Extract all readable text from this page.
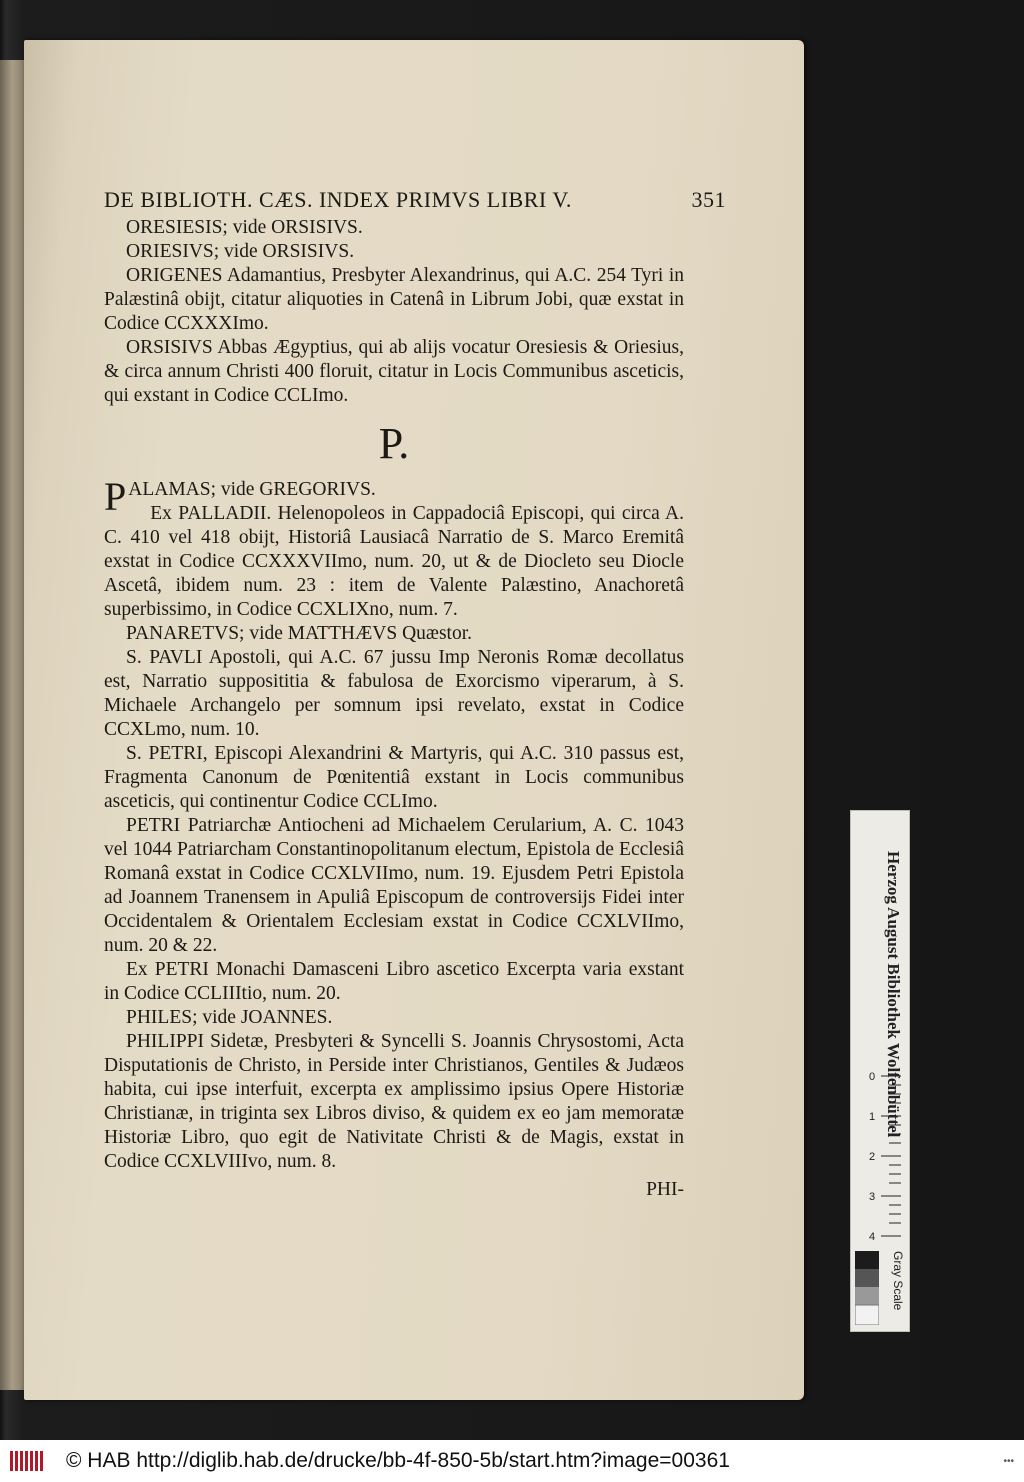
DE BIBLIOTH. CÆS. INDEX PRIMVS LIBRI V.	351

ORESIESIS; vide ORSISIVS.

ORIESIVS; vide ORSISIVS.

ORIGENES Adamantius, Presbyter Alexandrinus, qui A.C. 254 Tyri in Palæstinâ obijt, citatur aliquoties in Catenâ in Librum Jobi, quæ exstat in Codice CCXXXImo.

ORSISIVS Abbas Ægyptius, qui ab alijs vocatur Oresiesis & Oriesius, & circa annum Christi 400 floruit, citatur in Locis Communibus asceticis, qui exstant in Codice CCLImo.

P.

PALAMAS; vide GREGORIVS.

Ex PALLADII. Helenopoleos in Cappadociâ Episcopi, qui circa A. C. 410 vel 418 obijt, Historiâ Lausiacâ Narratio de S. Marco Eremitâ exstat in Codice CCXXXVIImo, num. 20, ut & de Diocleto seu Diocle Ascetâ, ibidem num. 23 : item de Valente Palæstino, Anachoretâ superbissimo, in Codice CCXLIXno, num. 7.

PANARETVS; vide MATTHÆVS Quæstor.

S. PAVLI Apostoli, qui A.C. 67 jussu Imp Neronis Romæ decollatus est, Narratio supposititia & fabulosa de Exorcismo viperarum, à S. Michaele Archangelo per somnum ipsi revelato, exstat in Codice CCXLmo, num. 10.

S. PETRI, Episcopi Alexandrini & Martyris, qui A.C. 310 passus est, Fragmenta Canonum de Pœnitentiâ exstant in Locis communibus asceticis, qui continentur Codice CCLImo.

PETRI Patriarchæ Antiocheni ad Michaelem Cerularium, A. C. 1043 vel 1044 Patriarcham Constantinopolitanum electum, Epistola de Ecclesiâ Romanâ exstat in Codice CCXLVIImo, num. 19. Ejusdem Petri Epistola ad Joannem Tranensem in Apuliâ Episcopum de controversijs Fidei inter Occidentalem & Orientalem Ecclesiam exstat in Codice CCXLVIImo, num. 20 & 22.

Ex PETRI Monachi Damasceni Libro ascetico Excerpta varia exstant in Codice CCLIIItio, num. 20.

PHILES; vide JOANNES.

PHILIPPI Sidetæ, Presbyteri & Syncelli S. Joannis Chrysostomi, Acta Disputationis de Christo, in Perside inter Christianos, Gentiles & Judæos habita, cui ipse interfuit, excerpta ex amplissimo ipsius Opere Historiæ Christianæ, in triginta sex Libros diviso, & quidem ex eo jam memoratæ Historiæ Libro, quo egit de Nativitate Christi & de Magis, exstat in Codice CCXLVIIIvo, num. 8.

PHI-
Herzog August Bibliothek Wolfenbüttel
0
1
2
3
4
Gray Scale
© HAB http://diglib.hab.de/drucke/bb-4f-850-5b/start.htm?image=00361	•••
